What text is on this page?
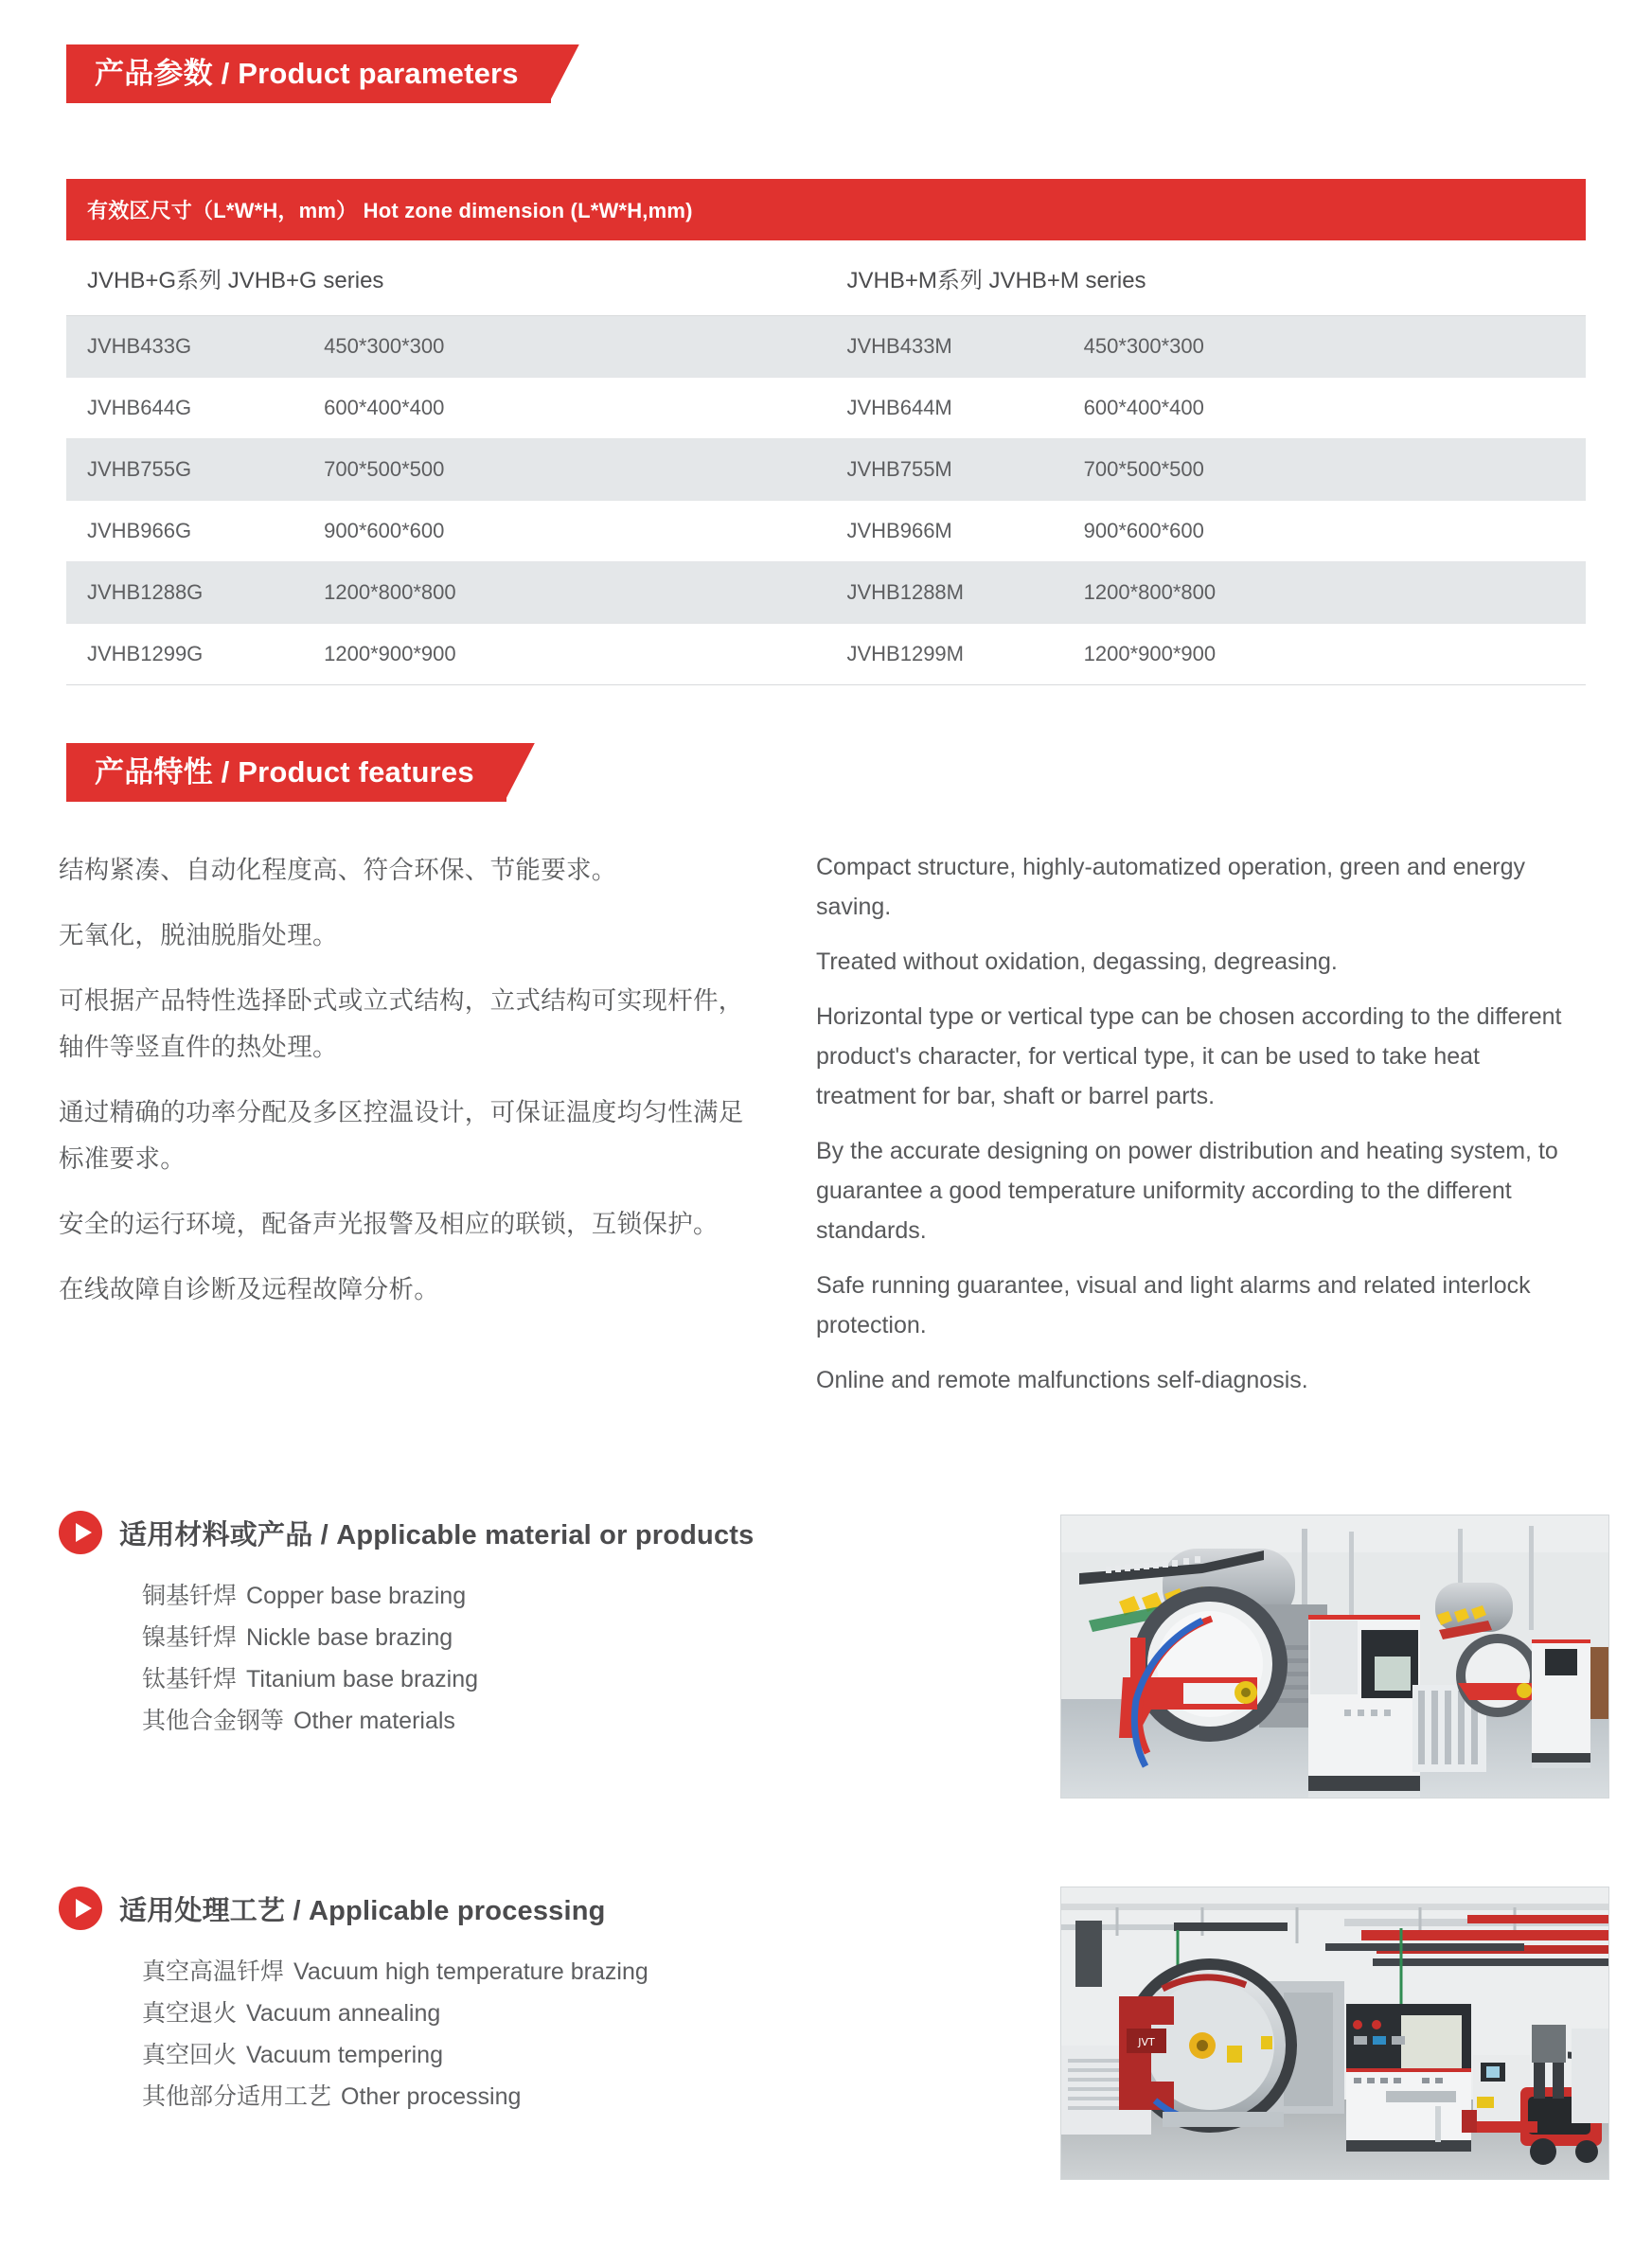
产品参数 / Product parameters
有效区尺寸（L*W*H，mm） Hot zone dimension (L*W*H,mm)			
JVHB+G系列 JVHB+G series		JVHB+M系列 JVHB+M series	
JVHB433G	450*300*300	JVHB433M	450*300*300
JVHB644G	600*400*400	JVHB644M	600*400*400
JVHB755G	700*500*500	JVHB755M	700*500*500
JVHB966G	900*600*600	JVHB966M	900*600*600
JVHB1288G	1200*800*800	JVHB1288M	1200*800*800
JVHB1299G	1200*900*900	JVHB1299M	1200*900*900
产品特性 / Product features

结构紧凑、自动化程度高、符合环保、节能要求。

无氧化，脱油脱脂处理。

可根据产品特性选择卧式或立式结构，立式结构可实现杆件，轴件等竖直件的热处理。

通过精确的功率分配及多区控温设计，可保证温度均匀性满足标准要求。

安全的运行环境，配备声光报警及相应的联锁，互锁保护。

在线故障自诊断及远程故障分析。

Compact structure, highly-automatized operation, green and energy saving.

Treated without oxidation, degassing, degreasing.

Horizontal type or vertical type can be chosen according to the different product's character, for vertical type, it can be used to take heat treatment for bar, shaft or barrel parts.

By the accurate designing on power distribution and heating system, to guarantee a good temperature uniformity according to the different standards.

Safe running guarantee, visual and light alarms and related interlock protection.

Online and remote malfunctions self-diagnosis.

适用材料或产品 / Applicable material or products
铜基钎焊 Copper base brazing
镍基钎焊 Nickle base brazing
钛基钎焊 Titanium base brazing
其他合金钢等 Other materials
适用处理工艺 / Applicable processing
真空高温钎焊 Vacuum high temperature brazing
真空退火 Vacuum annealing
真空回火 Vacuum tempering
其他部分适用工艺 Other processing
JVT
